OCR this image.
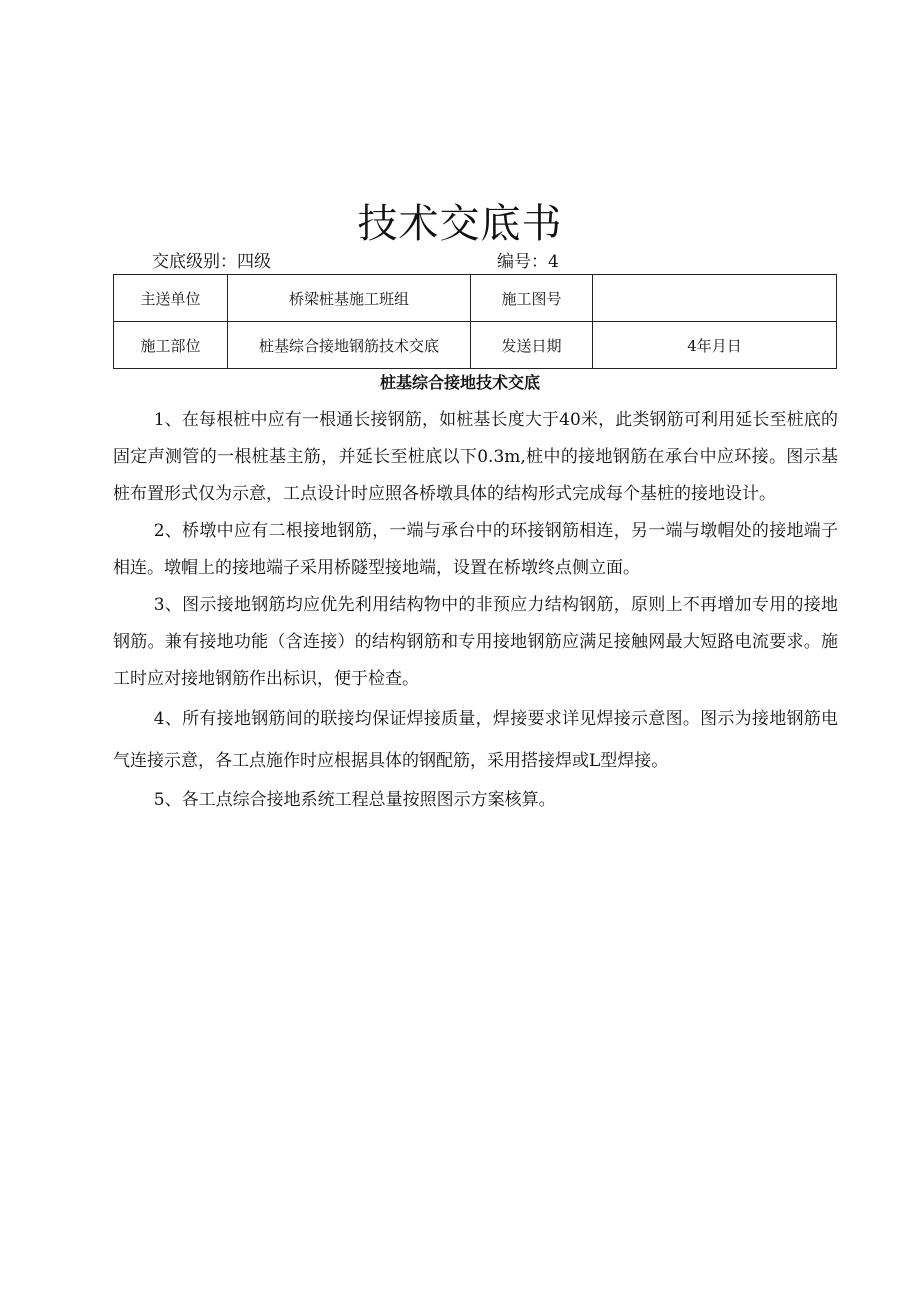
技术交底书
交底级别：四级	编号：4
主送单位	桥梁桩基施工班组	施工图号	
施工部位	桩基综合接地钢筋技术交底	发送日期	4年月日
桩基综合接地技术交底

1、在每根桩中应有一根通长接钢筋，如桩基长度大于40米，此类钢筋可利用延长至桩底的固定声测管的一根桩基主筋，并延长至桩底以下0.3m,桩中的接地钢筋在承台中应环接。图示基桩布置形式仅为示意，工点设计时应照各桥墩具体的结构形式完成每个基桩的接地设计。

2、桥墩中应有二根接地钢筋，一端与承台中的环接钢筋相连，另一端与墩帽处的接地端子相连。墩帽上的接地端子采用桥隧型接地端，设置在桥墩终点侧立面。

3、图示接地钢筋均应优先利用结构物中的非预应力结构钢筋，原则上不再增加专用的接地钢筋。兼有接地功能（含连接）的结构钢筋和专用接地钢筋应满足接触网最大短路电流要求。施工时应对接地钢筋作出标识，便于检查。

4、所有接地钢筋间的联接均保证焊接质量，焊接要求详见焊接示意图。图示为接地钢筋电气连接示意，各工点施作时应根据具体的钢配筋，采用搭接焊或L型焊接。

5、各工点综合接地系统工程总量按照图示方案核算。
